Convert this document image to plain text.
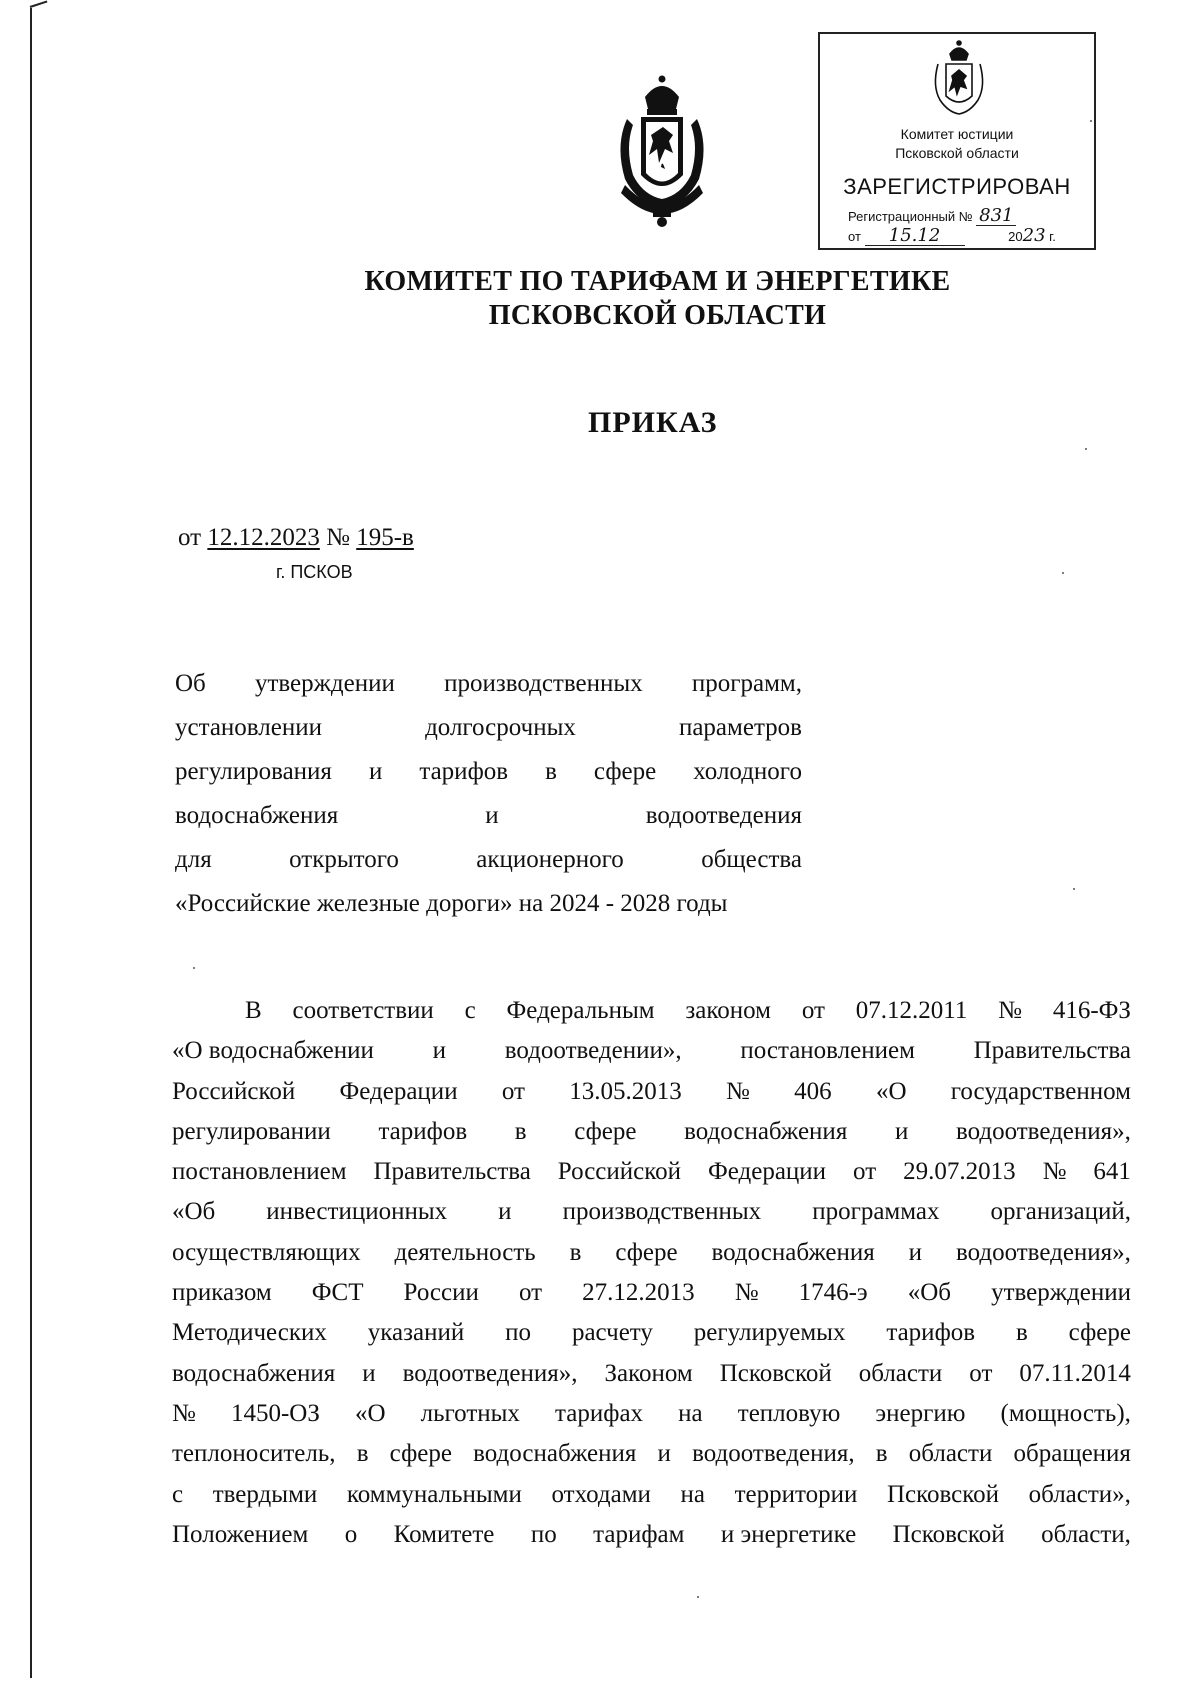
Комитет юстиции
Псковской области
ЗАРЕГИСТРИРОВАН
Регистрационный № 831
от 15.12	2023 г.
КОМИТЕТ ПО ТАРИФАМ И ЭНЕРГЕТИКЕ
ПСКОВСКОЙ ОБЛАСТИ
ПРИКАЗ
от 12.12.2023 № 195-в
г. ПСКОВ
Об утверждении производственных программ,
установлении	долгосрочных	параметров
регулирования и тарифов в сфере холодного
водоснабжения	и	водоотведения
для	открытого	акционерного	общества
«Российские железные дороги» на 2024 - 2028 годы
В соответствии с Федеральным законом от 07.12.2011 № 416-ФЗ
«О водоснабжении и водоотведении», постановлением Правительства
Российской Федерации от 13.05.2013 № 406 «О государственном
регулировании тарифов в сфере водоснабжения и водоотведения»,
постановлением Правительства Российской Федерации от 29.07.2013 № 641
«Об инвестиционных и производственных программах организаций,
осуществляющих деятельность в сфере водоснабжения и водоотведения»,
приказом ФСТ России от 27.12.2013 № 1746-э «Об утверждении
Методических указаний по расчету регулируемых тарифов в сфере
водоснабжения и водоотведения», Законом Псковской области от 07.11.2014
№ 1450-ОЗ «О льготных тарифах на тепловую энергию (мощность),
теплоноситель, в сфере водоснабжения и водоотведения, в области обращения
с твердыми коммунальными отходами на территории Псковской области»,
Положением о Комитете по тарифам и энергетике Псковской области,
